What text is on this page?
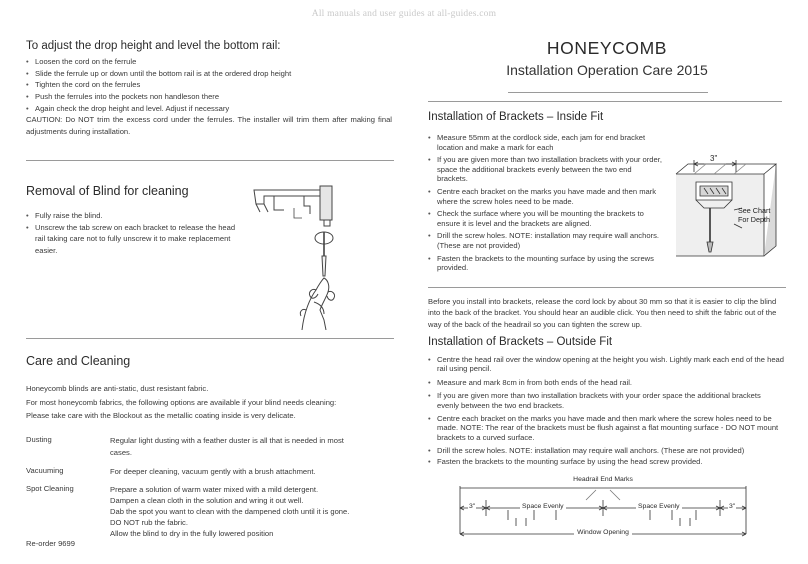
All manuals and user guides at all-guides.com
To adjust the drop height and level the bottom rail:
• Loosen the cord on the ferrule
• Slide the ferrule up or down until the bottom rail is at the ordered drop height
• Tighten the cord on the ferrules
• Push the ferrules into the pockets non handleson there
• Again check the drop height and level. Adjust if necessary

CAUTION: Do NOT trim the excess cord under the ferrules. The installer will trim them after making final adjustments during installation.

Removal of Blind for cleaning
• Fully raise the blind.
• Unscrew the tab screw on each bracket to release the head rail taking care not to fully unscrew it to make replacement easier.
Care and Cleaning

Honeycomb blinds are anti-static, dust resistant fabric.

For most honeycomb fabrics, the following options are available if your blind needs cleaning:

Please take care with the Blockout as the metallic coating inside is very delicate.

Dusting	Regular light dusting with a feather duster is all that is needed in most
cases.
Vacuuming	For deeper cleaning, vacuum gently with a brush attachment.
Spot Cleaning	Prepare a solution of warm water mixed with a mild detergent.
Dampen a clean cloth in the solution and wring it out well.
Dab the spot you want to clean with the dampened cloth until it is gone.
DO NOT rub the fabric.
Allow the blind to dry in the fully lowered position

Re-order 9699

HONEYCOMB
Installation Operation Care 2015
Installation of Brackets – Inside Fit
• Measure 55mm at the cordlock side, each jam for end bracket location and make a mark for each
• If you are given more than two installation brackets with your order, space the additional brackets evenly between the two end brackets.
• Centre each bracket on the marks you have made and then mark where the screw holes need to be made.
• Check the surface where you will be mounting the brackets to ensure it is level and the brackets are aligned.
• Drill the screw holes. NOTE: installation may require wall anchors. (These are not provided)
• Fasten the brackets to the mounting surface by using the screws provided.
3"
See Chart
For Depth

Before you install into brackets, release the cord lock by about 30 mm so that it is easier to clip the blind into the back of the bracket. You should hear an audible click. You then need to shift the fabric out of the way of the back of the headrail so you can tighten the screw up.

Installation of Brackets – Outside Fit
• Centre the head rail over the window opening at the height you wish. Lightly mark each end of the head rail using pencil.
• Measure and mark 8cm in from both ends of the head rail.
• If you are given more than two installation brackets with your order space the additional brackets evenly between the two end brackets.
• Centre each bracket on the marks you have made and then mark where the screw holes need to be made. NOTE: The rear of the brackets must be flush against a flat mounting surface - DO NOT mount brackets to a curved surface.
• Drill the screw holes. NOTE: installation may require wall anchors. (These are not provided)
• Fasten the brackets to the mounting surface by using the head screw provided.
Headrail End Marks
3"	Space Evenly	Space Evenly	3"
Window Opening
